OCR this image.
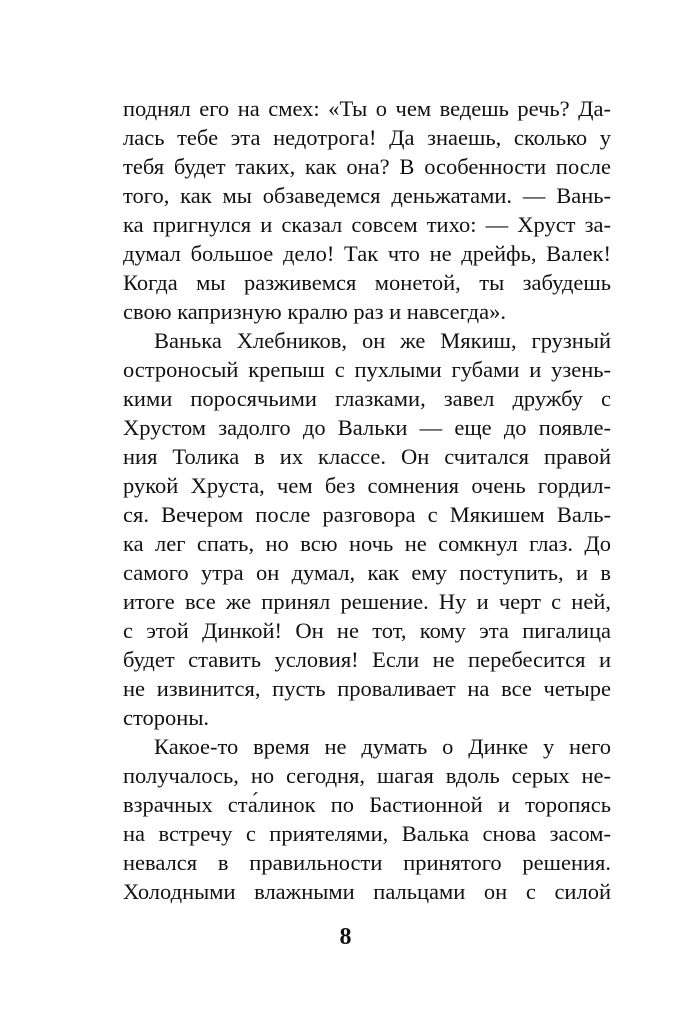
поднял его на смех: «Ты о чем ведешь речь? Да-
лась тебе эта недотрога! Да знаешь, сколько у
тебя будет таких, как она? В особенности после
того, как мы обзаведемся деньжатами. — Вань-
ка пригнулся и сказал совсем тихо: — Хруст за-
думал большое дело! Так что не дрейфь, Валек!
Когда мы разживемся монетой, ты забудешь
свою капризную кралю раз и навсегда».
Ванька Хлебников, он же Мякиш, грузный
остроносый крепыш с пухлыми губами и узень-
кими поросячьими глазками, завел дружбу с
Хрустом задолго до Вальки — еще до появле-
ния Толика в их классе. Он считался правой
рукой Хруста, чем без сомнения очень гордил-
ся. Вечером после разговора с Мякишем Валь-
ка лег спать, но всю ночь не сомкнул глаз. До
самого утра он думал, как ему поступить, и в
итоге все же принял решение. Ну и черт с ней,
с этой Динкой! Он не тот, кому эта пигалица
будет ставить условия! Если не перебесится и
не извинится, пусть проваливает на все четыре
стороны.
Какое-то время не думать о Динке у него
получалось, но сегодня, шагая вдоль серых не-
взрачных ста́линок по Бастионной и торопясь
на встречу с приятелями, Валька снова засом-
невался в правильности принятого решения.
Холодными влажными пальцами он с силой
8
